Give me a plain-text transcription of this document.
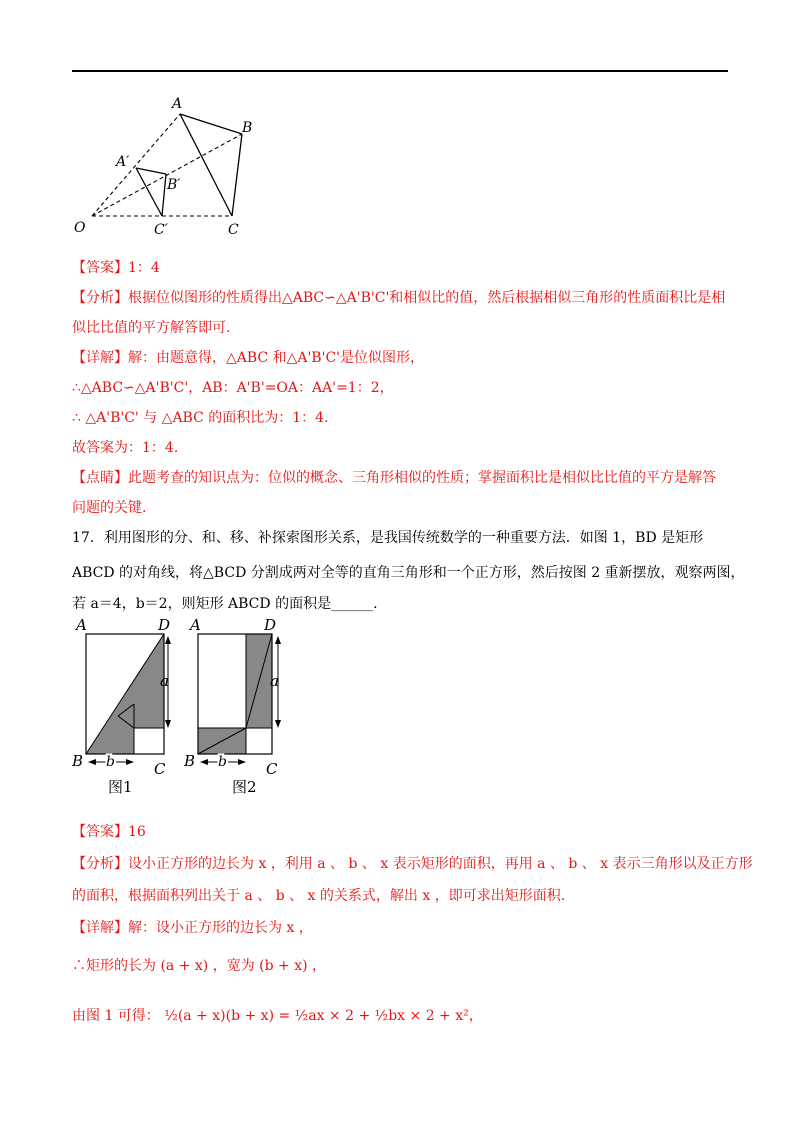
A
B
A′
B′
O	C′	C
【答案】1：4
【分析】根据位似图形的性质得出△ABC∽△A'B'C'和相似比的值，然后根据相似三角形的性质面积比是相
似比比值的平方解答即可.
【详解】解：由题意得，△ABC 和△A'B'C'是位似图形，
∴△ABC∽△A'B'C'，AB：A'B'=OA：AA'=1：2，
∴ △A'B'C' 与 △ABC 的面积比为：1：4.
故答案为：1：4.
【点睛】此题考查的知识点为：位似的概念、三角形相似的性质；掌握面积比是相似比比值的平方是解答
问题的关键.
17．利用图形的分、和、移、补探索图形关系，是我国传统数学的一种重要方法．如图 1，BD 是矩形
ABCD 的对角线，将△BCD 分割成两对全等的直角三角形和一个正方形，然后按图 2 重新摆放，观察两图，
若 a＝4，b＝2，则矩形 ABCD 的面积是______.
A	D
B	C
a
b
图1
A	D
B	C
a
b
图2
【答案】16
【分析】设小正方形的边长为 x ，利用 a 、 b 、 x 表示矩形的面积，再用 a 、 b 、 x 表示三角形以及正方形
的面积，根据面积列出关于 a 、 b 、 x 的关系式，解出 x ，即可求出矩形面积.
【详解】解：设小正方形的边长为 x ，
∴矩形的长为 (a + x) ，宽为 (b + x) ，
由图 1 可得： ½(a + x)(b + x) = ½ax × 2 + ½bx × 2 + x²，
